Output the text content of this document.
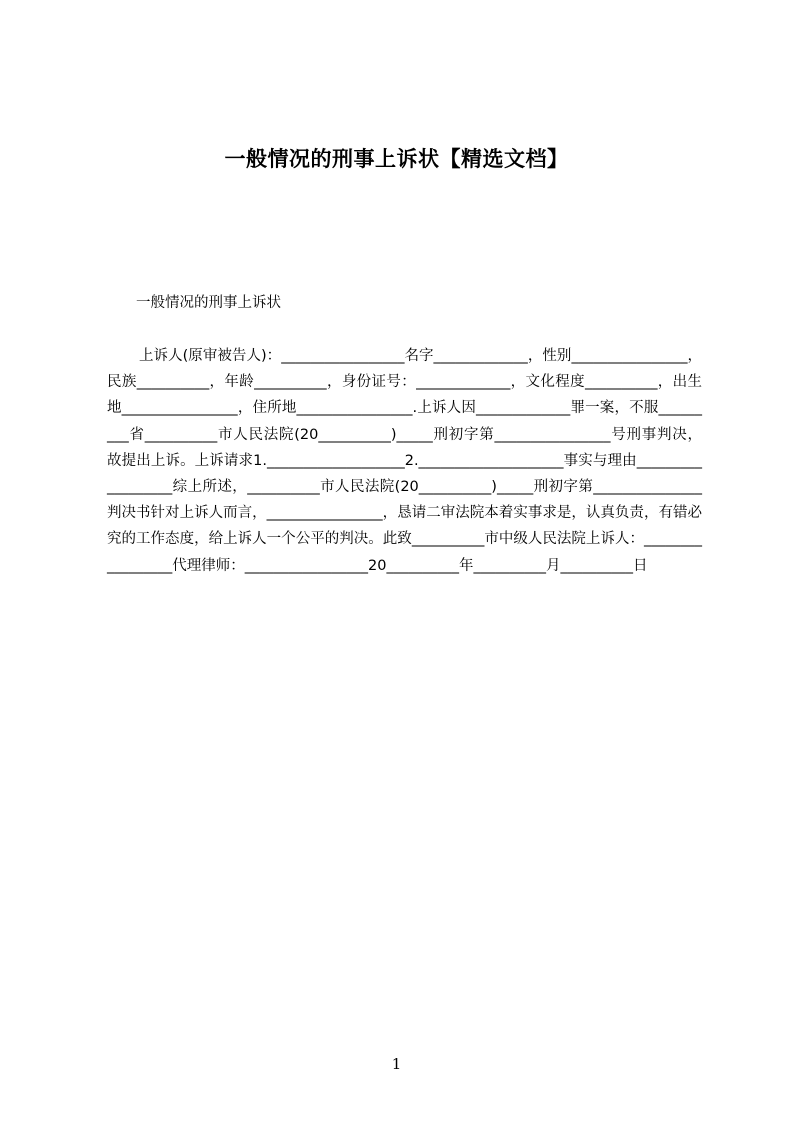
一般情况的刑事上诉状【精选文档】

一般情况的刑事上诉状

上诉人(原审被告人)：_________________名字_____________，性别________________，民族__________，年龄__________，身份证号：_____________，文化程度__________，出生地________________，住所地________________.上诉人因_____________罪一案，不服_________省__________市人民法院(20__________)_____刑初字第________________号刑事判决，故提出上诉。上诉请求1.___________________2.____________________事实与理由__________________综上所述，__________市人民法院(20__________)_____刑初字第_______________判决书针对上诉人而言，________________，恳请二审法院本着实事求是，认真负责，有错必究的工作态度，给上诉人一个公平的判决。此致__________市中级人民法院上诉人：_________________代理律师：_________________20__________年__________月__________日

1
